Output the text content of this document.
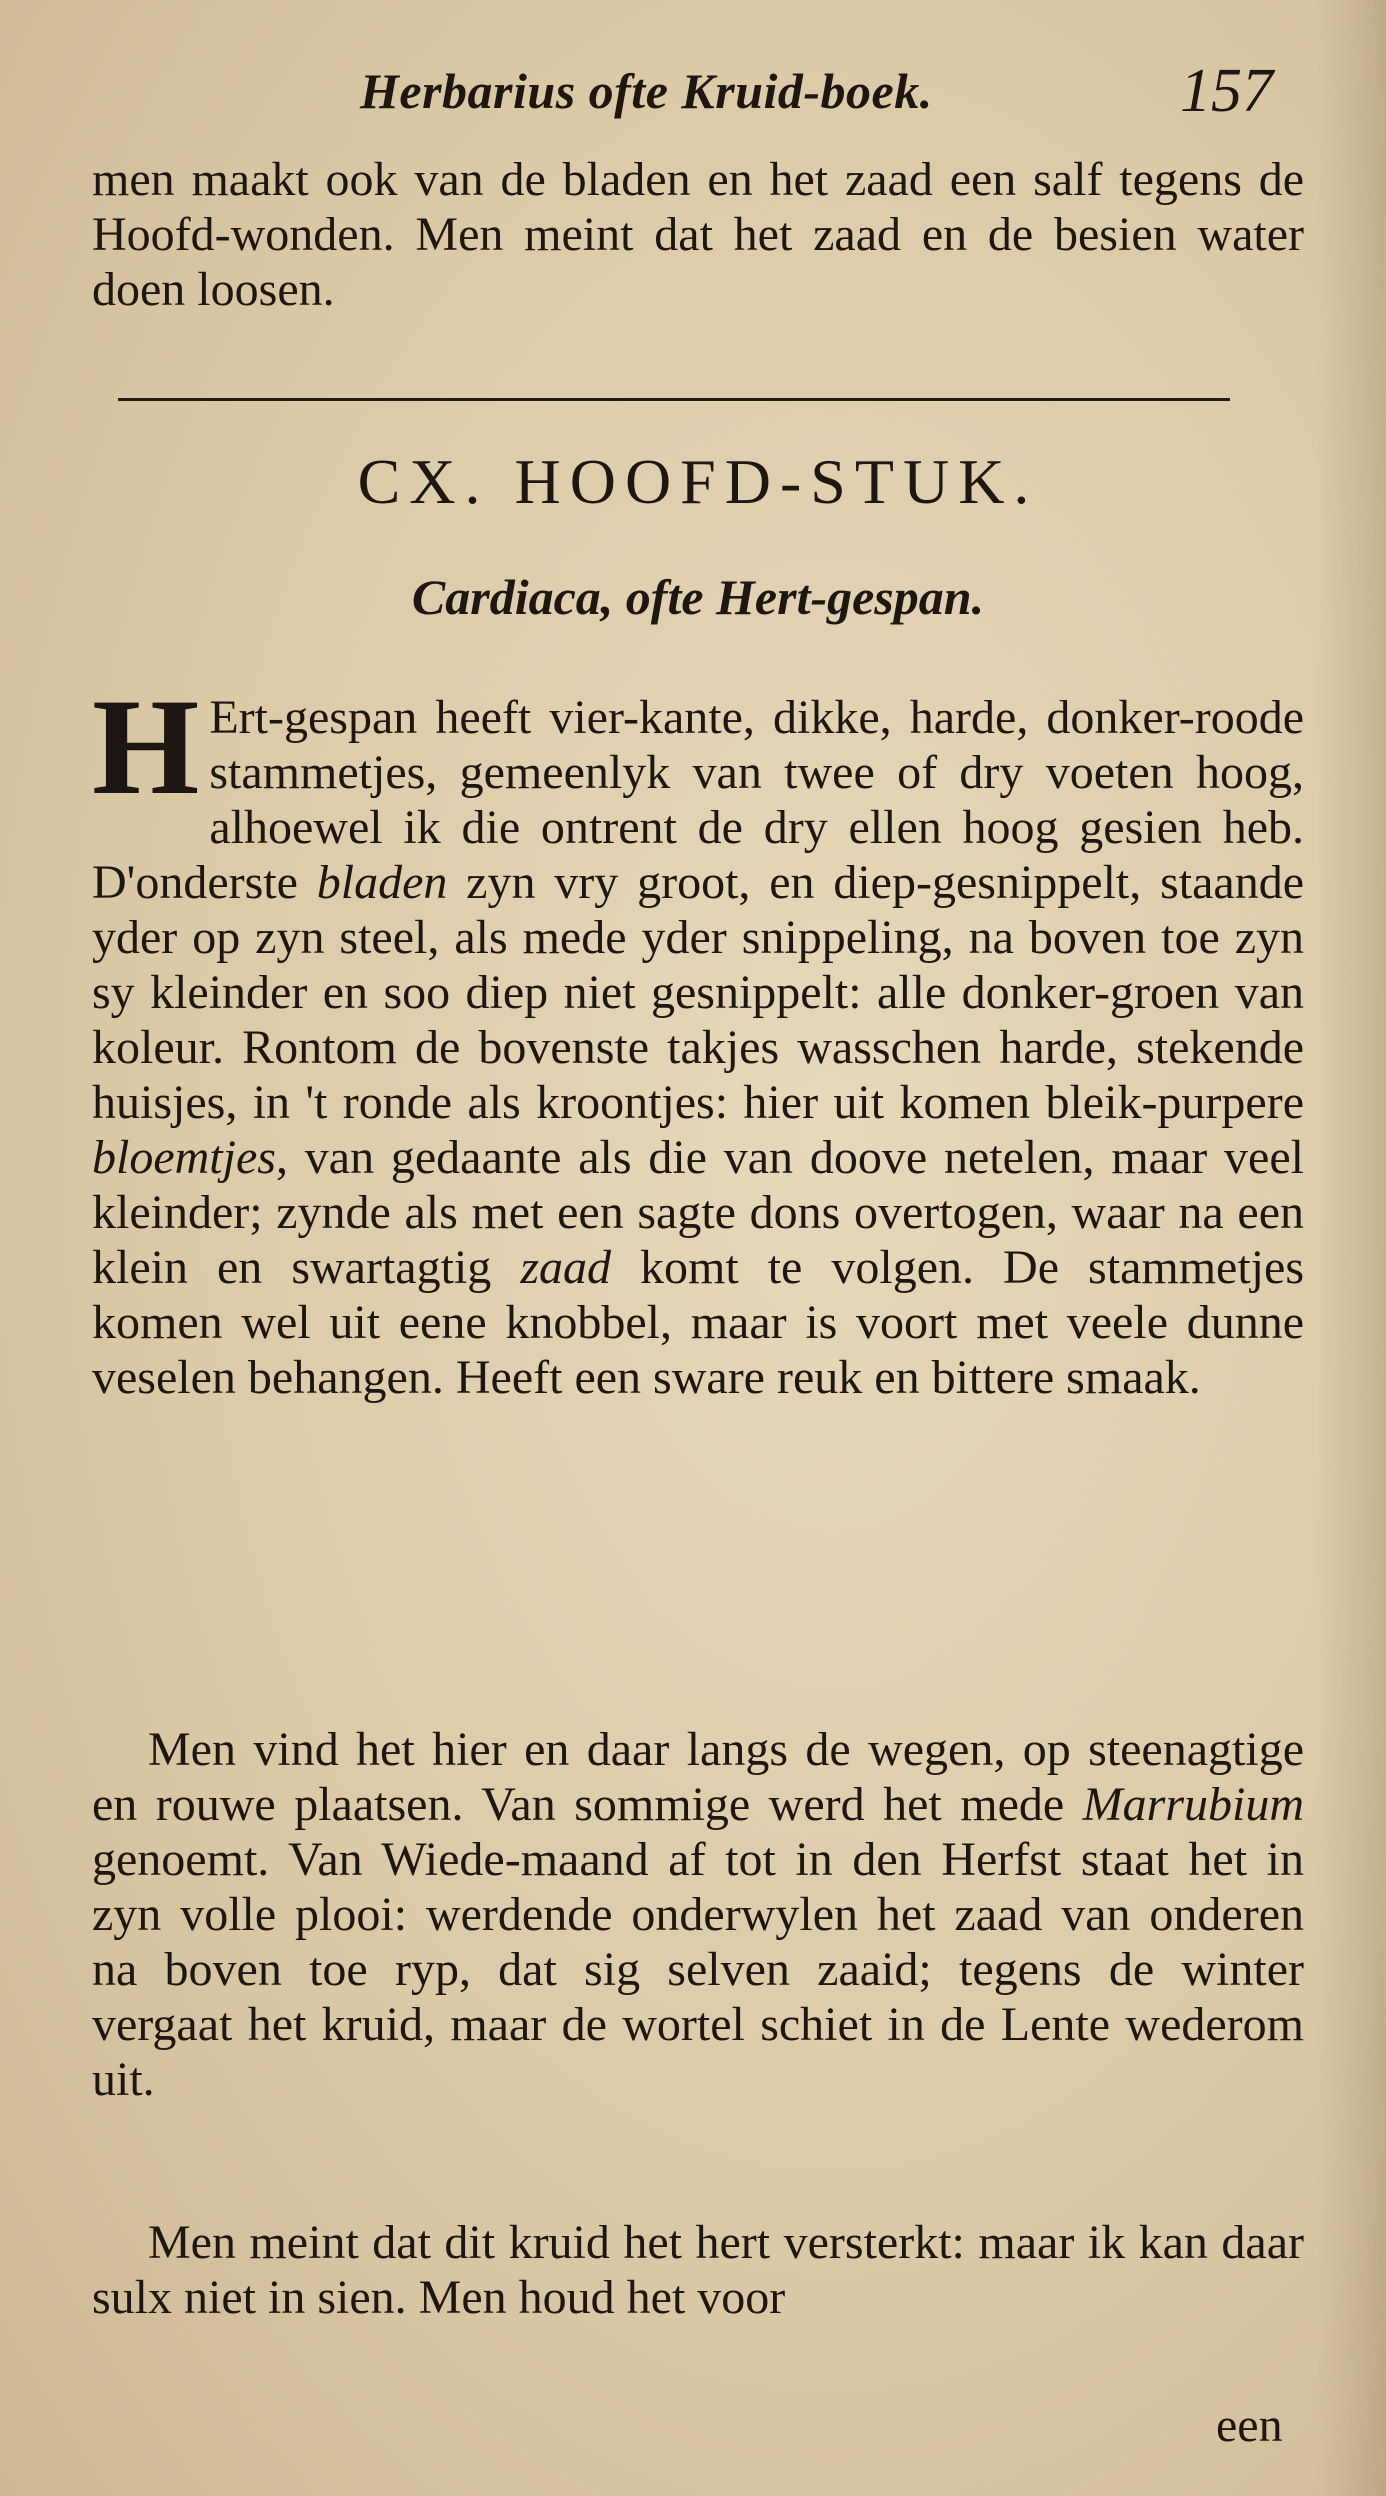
Herbarius ofte Kruid-boek.	157

men maakt ook van de bladen en het zaad een salf tegens de Hoofd-wonden. Men meint dat het zaad en de besien water doen loosen.

CX. HOOFD-STUK.
Cardiaca, ofte Hert-gespan.

H Ert-gespan heeft vier-kante, dikke, harde, donker-roode stammetjes, gemeenlyk van twee of dry voeten hoog, alhoewel ik die ontrent de dry ellen hoog gesien heb. D'onderste bladen zyn vry groot, en diep-gesnippelt, staande yder op zyn steel, als mede yder snippeling, na boven toe zyn sy kleinder en soo diep niet gesnippelt: alle donker-groen van koleur. Rontom de bovenste takjes wasschen harde, stekende huisjes, in 't ronde als kroontjes: hier uit komen bleik-purpere bloemtjes, van gedaante als die van doove netelen, maar veel kleinder; zynde als met een sagte dons overtogen, waar na een klein en swartagtig zaad komt te volgen. De stammetjes komen wel uit eene knobbel, maar is voort met veele dunne veselen behangen. Heeft een sware reuk en bittere smaak.

Men vind het hier en daar langs de wegen, op steenagtige en rouwe plaatsen. Van sommige werd het mede Marrubium genoemt. Van Wiede-maand af tot in den Herfst staat het in zyn volle plooi: werdende onderwylen het zaad van onderen na boven toe ryp, dat sig selven zaaid; tegens de winter vergaat het kruid, maar de wortel schiet in de Lente wederom uit.

Men meint dat dit kruid het hert versterkt: maar ik kan daar sulx niet in sien. Men houd het voor

een
